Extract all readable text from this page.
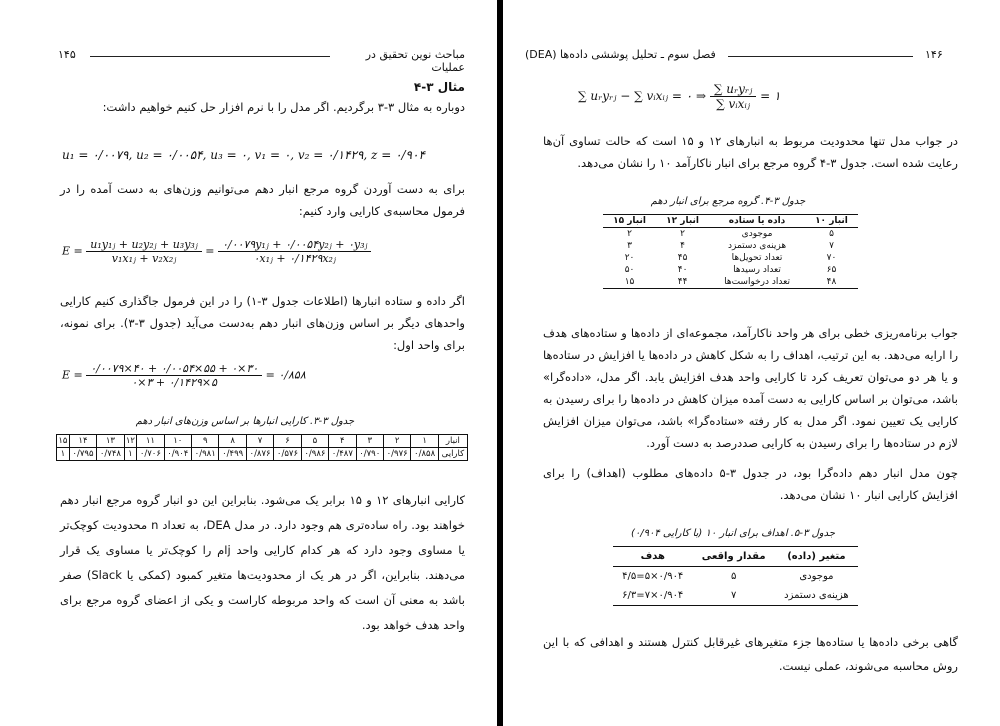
۱۴۵	مباحث نوین تحقیق در عملیات
مثال ۳-۴
دوباره به مثال ۳-۳ برگردیم. اگر مدل را با نرم افزار حل کنیم خواهیم داشت:
u₁ = ۰/۰۰۷۹, u₂ = ۰/۰۰۵۴, u₃ = ۰, v₁ = ۰, v₂ = ۰/۱۴۲۹, z = ۰/۹۰۴
برای به دست آوردن گروه مرجع انبار دهم می‌توانیم وزن‌های به دست آمده را در فرمول محاسبه‌ی کارایی وارد کنیم:
$E = \frac{\text{u₁y₁ⱼ + u₂y₂ⱼ + u₃y₃ⱼ}}{\text{v₁x₁ⱼ + v₂x₂ⱼ}} = \frac{\text{۰/۰۰۷۹y₁ⱼ + ۰/۰۰۵۴y₂ⱼ + ۰y₃ⱼ}}{\text{۰x₁ⱼ + ۰/۱۴۲۹x₂ⱼ}}$
اگر داده و ستاده انبارها (اطلاعات جدول ۳-۱) را در این فرمول جاگذاری کنیم کارایی واحدهای دیگر بر اساس وزن‌های انبار دهم به‌دست می‌آید (جدول ۳-۳). برای نمونه، برای واحد اول:
$E = \frac{۰/۰۰۷۹\times ۴۰ + ۰/۰۰۵۴\times ۵۵ + ۰\times ۳۰}{۰\times ۳ + ۰/۱۴۲۹\times ۵}$ = ۰/۸۵۸
جدول ۳-۳. کارایی انبارها بر اساس وزن‌های انبار دهم
انبار	۱	۲	۳	۴	۵	۶	۷	۸	۹	۱۰	۱۱	۱۲	۱۳	۱۴	۱۵
کارایی	۰/۸۵۸	۰/۹۷۶	۰/۷۹۰	۰/۴۸۷	۰/۹۸۶	۰/۵۷۶	۰/۸۷۶	۰/۴۹۹	۰/۹۸۱	۰/۹۰۴	۰/۷۰۶	۱	۰/۷۴۸	۰/۷۹۵	۱
کارایی انبارهای ۱۲ و ۱۵ برابر یک می‌شود. بنابراین این دو انبار گروه مرجع انبار دهم خواهند بود. راه ساده‌تری هم وجود دارد. در مدل DEA، به تعداد n محدودیت کوچک‌تر یا مساوی وجود دارد که هر کدام کارایی واحد jام را کوچک‌تر یا مساوی یک قرار می‌دهند. بنابراین، اگر در هر یک از محدودیت‌ها متغیر کمبود (کمکی یا Slack) صفر باشد به معنی آن است که واحد مربوطه کاراست و یکی از اعضای گروه مرجع برای واحد هدف خواهد بود.
فصل سوم ـ تحلیل پوششی داده‌ها (DEA)	۱۴۶
∑ uᵣyᵣⱼ − ∑ vᵢxᵢⱼ = ۰ ⇒ $\frac{\text{∑ uᵣyᵣⱼ}}{\text{∑ vᵢxᵢⱼ}}$ = ۱
در جواب مدل تنها محدودیت مربوط به انبارهای ۱۲ و ۱۵ است که حالت تساوی آن‌ها رعایت شده است. جدول ۳-۴ گروه مرجع برای انبار ناکارآمد ۱۰ را نشان می‌دهد.
جدول ۳-۴. گروه مرجع برای انبار دهم
انبار ۱۰	داده یا ستاده	انبار ۱۲	انبار ۱۵
۵	موجودی	۲	۲
۷	هزینه‌ی دستمزد	۴	۳
۷۰	تعداد تحویل‌ها	۴۵	۲۰
۶۵	تعداد رسیدها	۴۰	۵۰
۴۸	تعداد درخواست‌ها	۴۴	۱۵
جواب برنامه‌ریزی خطی برای هر واحد ناکارآمد، مجموعه‌ای از داده‌ها و ستاده‌های هدف را ارایه می‌دهد. به این ترتیب، اهداف را به شکل کاهش در داده‌ها یا افزایش در ستاده‌ها و یا هر دو می‌توان تعریف کرد تا کارایی واحد هدف افزایش یابد. اگر مدل، «داده‌گرا» باشد، می‌توان بر اساس کارایی به دست آمده میزان کاهش در داده‌ها را برای رسیدن به کارایی یک تعیین نمود. اگر مدل به کار رفته «ستاده‌گرا» باشد، می‌توان میزان افزایش لازم در ستاده‌ها را برای رسیدن به کارایی صددرصد به دست آورد.
چون مدل انبار دهم داده‌گرا بود، در جدول ۳-۵ داده‌های مطلوب (اهداف) را برای افزایش کارایی انبار ۱۰ نشان می‌دهد.
جدول ۳-۵. اهداف برای انبار ۱۰ (با کارایی ۰/۹۰۴)
متغیر (داده)	مقدار واقعی	هدف
موجودی	۵	۰/۹۰۴×۵=۴/۵
هزینه‌ی دستمزد	۷	۰/۹۰۴×۷=۶/۳
گاهی برخی داده‌ها یا ستاده‌ها جزء متغیرهای غیرقابل کنترل هستند و اهدافی که با این روش محاسبه می‌شوند، عملی نیست.
